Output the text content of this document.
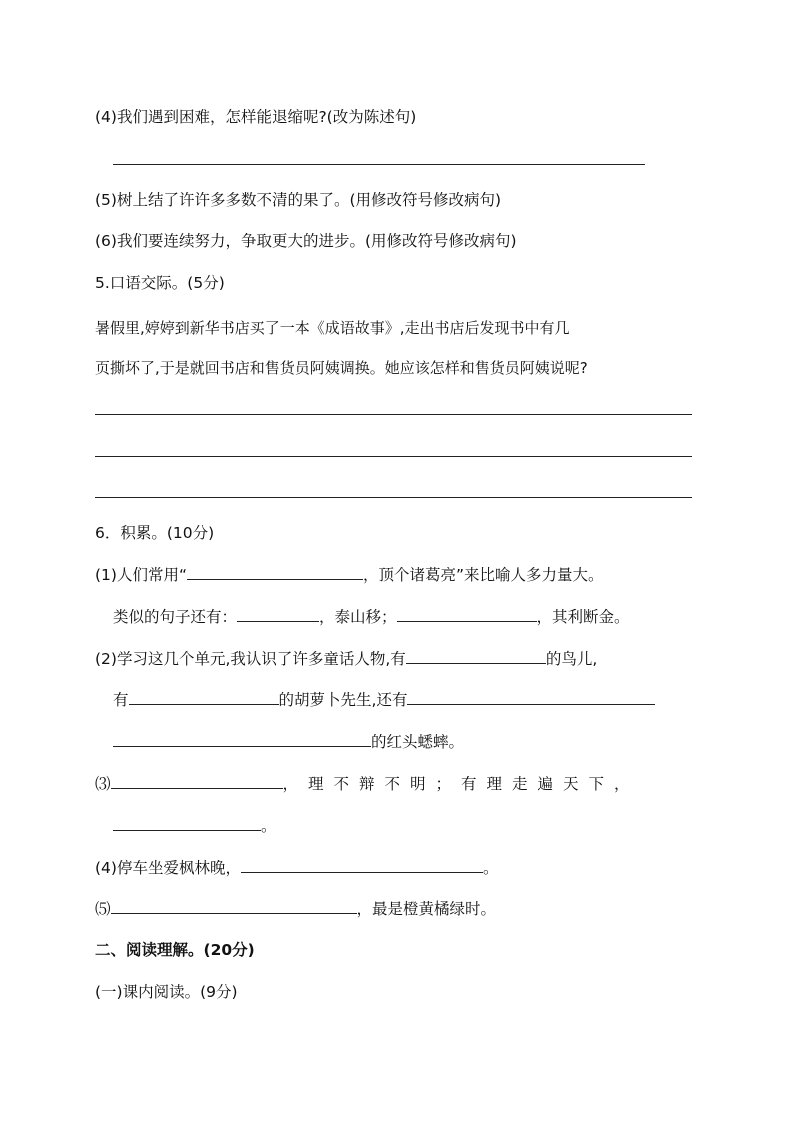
(4)我们遇到困难，怎样能退缩呢?(改为陈述句)
(5)树上结了许许多多数不清的果了。(用修改符号修改病句)
(6)我们要连续努力，争取更大的进步。(用修改符号修改病句)
5.口语交际。(5分)
暑假里,婷婷到新华书店买了一本《成语故事》,走出书店后发现书中有几
页撕坏了,于是就回书店和售货员阿姨调换。她应该怎样和售货员阿姨说呢?
6．积累。(10分)
(1)人们常用“	，顶个诸葛亮”来比喻人多力量大。
类似的句子还有：	，泰山移；	，其利断金。
(2)学习这几个单元,我认识了许多童话人物,有	的鸟儿,
有	的胡萝卜先生,还有
的红头蟋蟀。
⑶	，理不辩不明；有理走遍天下，
。
(4)停车坐爱枫林晚，	。
⑸	，最是橙黄橘绿时。
二、阅读理解。(20分)
(一)课内阅读。(9分)
